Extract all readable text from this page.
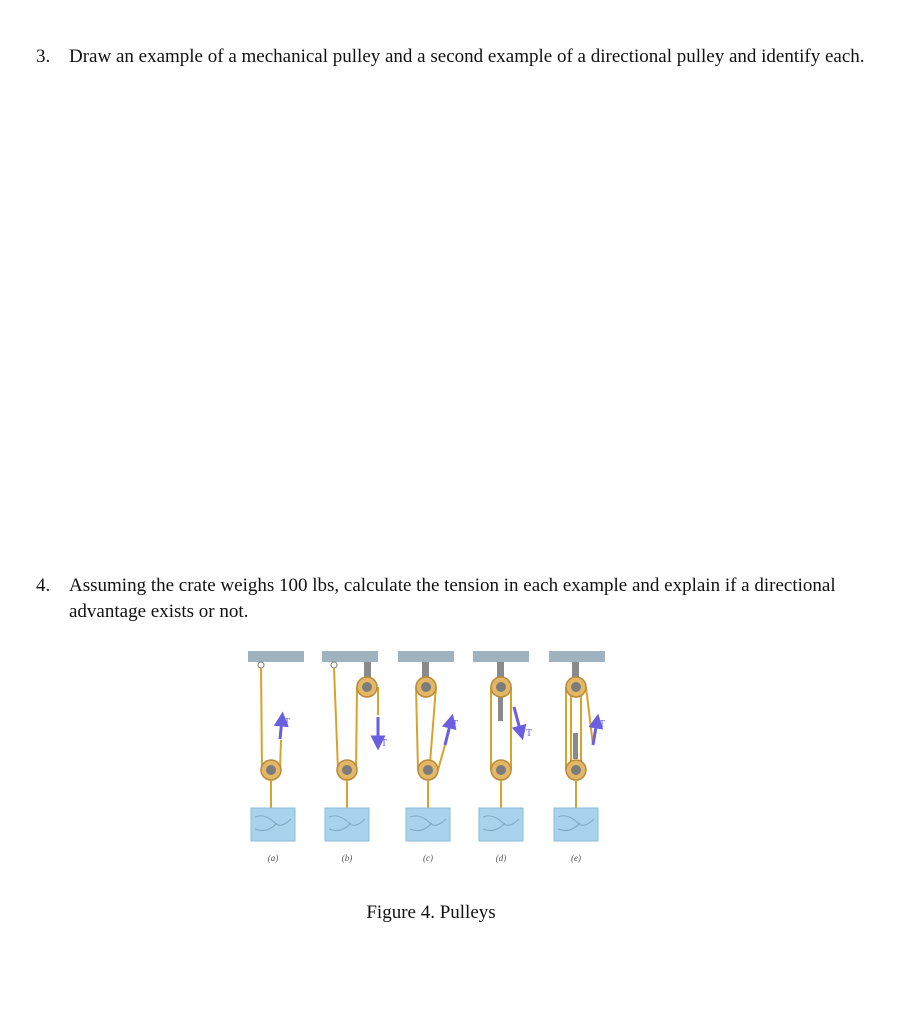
3. Draw an example of a mechanical pulley and a second example of a directional pulley and identify each.
4. Assuming the crate weighs 100 lbs, calculate the tension in each example and explain if a directional advantage exists or not.
T
T
T
T
T
(a)	(b)	(c)	(d)	(e)
Figure 4. Pulleys
